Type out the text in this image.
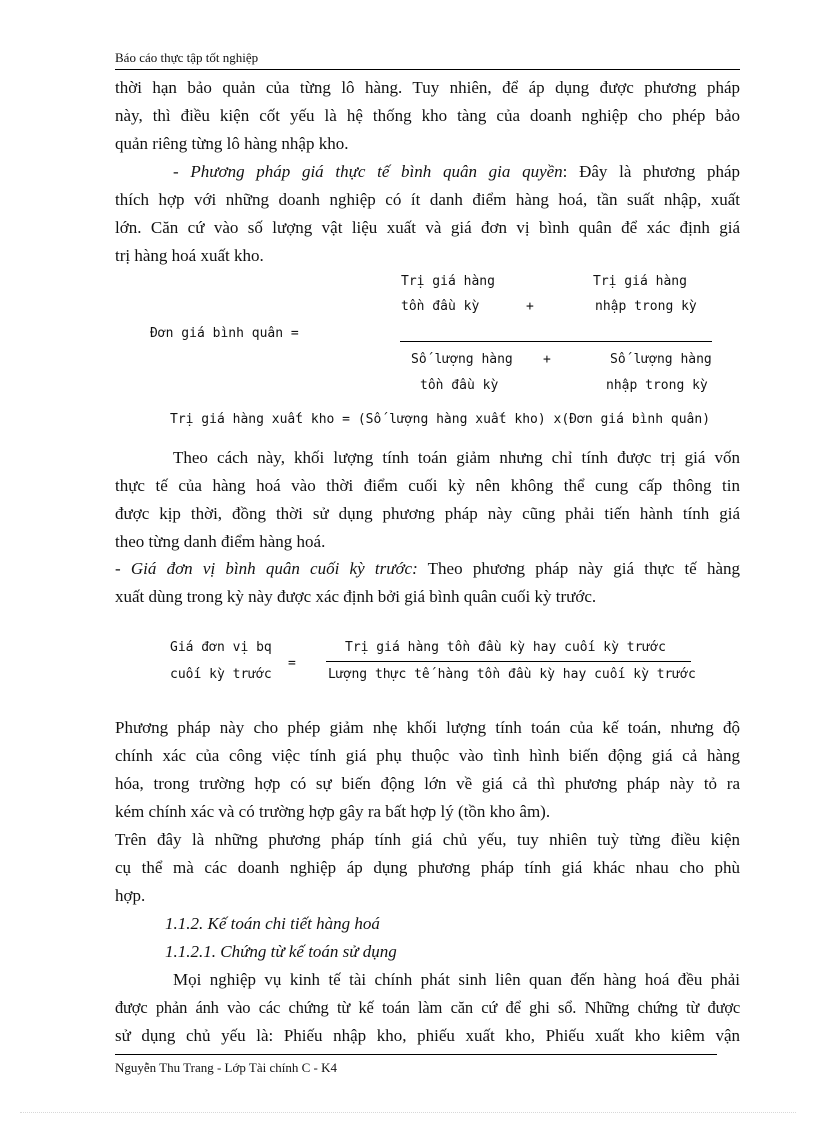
Báo cáo thực tập tốt nghiệp
thời hạn bảo quản của từng lô hàng. Tuy nhiên, để áp dụng được phương pháp
này, thì điều kiện cốt yếu là hệ thống kho tàng của doanh nghiệp cho phép bảo
quản riêng từng lô hàng nhập kho.
- Phương pháp giá thực tế bình quân gia quyền: Đây là phương pháp
thích hợp với những doanh nghiệp có ít danh điểm hàng hoá, tần suất nhập, xuất
lớn. Căn cứ vào số lượng vật liệu xuất và giá đơn vị bình quân để xác định giá
trị hàng hoá xuất kho.
Trị giá hàng
tồn đầu kỳ	+
Trị giá hàng
nhập trong kỳ
Đơn giá bình quân =
Số lượng hàng
tồn đầu kỳ
+	Số lượng hàng
nhập trong kỳ
Trị giá hàng xuất kho = (Số lượng hàng xuất kho) x(Đơn giá bình quân)
Theo cách này, khối lượng tính toán giảm nhưng chỉ tính được trị giá vốn
thực tế của hàng hoá vào thời điểm cuối kỳ nên không thể cung cấp thông tin
được kịp thời, đồng thời sử dụng phương pháp này cũng phải tiến hành tính giá
theo từng danh điểm hàng hoá.
- Giá đơn vị bình quân cuối kỳ trước: Theo phương pháp này giá thực tế hàng
xuất dùng trong kỳ này được xác định bởi giá bình quân cuối kỳ trước.
Giá đơn vị bq
cuối kỳ trước
=
Trị giá hàng tồn đầu kỳ hay cuối kỳ trước
Lượng thực tế hàng tồn đầu kỳ hay cuối kỳ trước
Phương pháp này cho phép giảm nhẹ khối lượng tính toán của kế toán, nhưng độ
chính xác của công việc tính giá phụ thuộc vào tình hình biến động giá cả hàng
hóa, trong trường hợp có sự biến động lớn về giá cả thì phương pháp này tỏ ra
kém chính xác và có trường hợp gây ra bất hợp lý (tồn kho âm).
Trên đây là những phương pháp tính giá chủ yếu, tuy nhiên tuỳ từng điều kiện
cụ thể mà các doanh nghiệp áp dụng phương pháp tính giá khác nhau cho phù
hợp.
1.1.2. Kế toán chi tiết hàng hoá
1.1.2.1. Chứng từ kế toán sử dụng
Mọi nghiệp vụ kinh tế tài chính phát sinh liên quan đến hàng hoá đều phải
được phản ánh vào các chứng từ kế toán làm căn cứ để ghi sổ. Những chứng từ được
sử dụng chủ yếu là: Phiếu nhập kho, phiếu xuất kho, Phiếu xuất kho kiêm vận
Nguyễn Thu Trang - Lớp Tài chính C - K4
